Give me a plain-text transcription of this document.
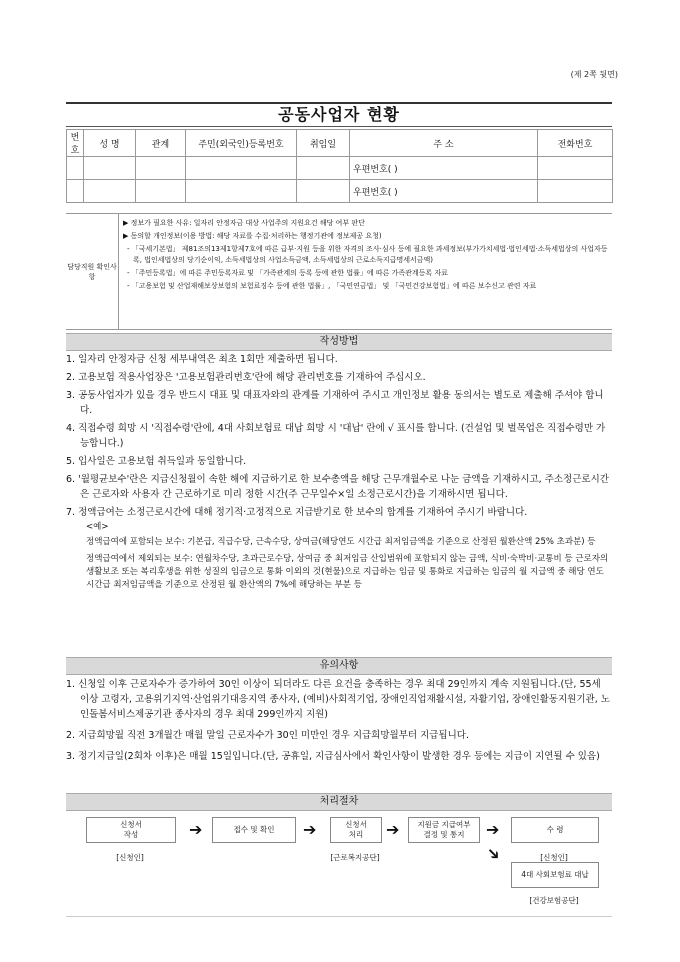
(제 2쪽 뒷면)
공동사업자 현황
번호	성 명	관계	주민(외국인)등록번호	취임일	주 소	전화번호
					우편번호( )	
					우편번호( )	
담당직원 확인사항

▶ 정보가 필요한 사유: 일자리 안정자금 대상 사업주의 지원요건 해당 여부 판단

▶ 동의할 개인정보(이용 방법: 해당 자료를 수집·처리하는 행정기관에 정보제공 요청)

- 「국세기본법」 제81조의13제1항제7호에 따른 급부·지원 등을 위한 자격의 조사·심사 등에 필요한 과세정보(부가가치세법·법인세법·소득세법상의 사업자등록, 법인세법상의 당기순이익, 소득세법상의 사업소득금액, 소득세법상의 근로소득지급명세서금액)

- 「주민등록법」에 따른 주민등록자료 및 「가족관계의 등록 등에 관한 법률」에 따른 가족관계등록 자료

- 「고용보험 및 산업재해보상보험의 보험료징수 등에 관한 법률」, 「국민연금법」 및 「국민건강보험법」에 따른 보수신고 관련 자료

작성방법

1. 일자리 안정자금 신청 세부내역은 최초 1회만 제출하면 됩니다.

2. 고용보험 적용사업장은 '고용보험관리번호'란에 해당 관리번호를 기재하여 주십시오.

3. 공동사업자가 있을 경우 반드시 대표 및 대표자와의 관계를 기재하여 주시고 개인정보 활용 동의서는 별도로 제출해 주셔야 합니다.

4. 직접수령 희망 시 '직접수령'란에, 4대 사회보험료 대납 희망 시 '대납' 란에 √ 표시를 합니다. (건설업 및 벌목업은 직접수령만 가능합니다.)

5. 입사일은 고용보험 취득일과 동일합니다.

6. '월평균보수'란은 지급신청월이 속한 해에 지급하기로 한 보수총액을 해당 근무개월수로 나눈 금액을 기재하시고, 주소정근로시간은 근로자와 사용자 간 근로하기로 미리 정한 시간(주 근무일수×일 소정근로시간)을 기재하시면 됩니다.

7. 정액급여는 소정근로시간에 대해 정기적·고정적으로 지급받기로 한 보수의 합계를 기재하여 주시기 바랍니다.

<예>

정액급여에 포함되는 보수: 기본급, 직급수당, 근속수당, 상여금(해당연도 시간급 최저임금액을 기준으로 산정된 월환산액 25% 초과분) 등

정액급여에서 제외되는 보수: 연월차수당, 초과근로수당, 상여금 중 최저임금 산입범위에 포함되지 않는 금액, 식비·숙박비·교통비 등 근로자의 생활보조 또는 복리후생을 위한 성질의 임금으로 통화 이외의 것(현물)으로 지급하는 임금 및 통화로 지급하는 임금의 월 지급액 중 해당 연도 시간급 최저임금액을 기준으로 산정된 월 환산액의 7%에 해당하는 부분 등

유의사항

1. 신청일 이후 근로자수가 증가하여 30인 이상이 되더라도 다른 요건을 충족하는 경우 최대 29인까지 계속 지원됩니다.(단, 55세 이상 고령자, 고용위기지역·산업위기대응지역 종사자, (예비)사회적기업, 장애인직업재활시설, 자활기업, 장애인활동지원기관, 노인돌봄서비스제공기관 종사자의 경우 최대 299인까지 지원)

2. 지급희망월 직전 3개월간 매월 말일 근로자수가 30인 미만인 경우 지급희망월부터 지급됩니다.

3. 정기지급일(2회차 이후)은 매월 15일입니다.(단, 공휴일, 지급심사에서 확인사항이 발생한 경우 등에는 지급이 지연될 수 있음)

처리절차
신청서
작성	➔	접수 및 확인	➔	신청서
처리	➔	지원금 지급여부
결정 및 통지	➔	수 령
[신청인]	[근로복지공단]	[신청인]
➔
4대 사회보험료 대납
[건강보험공단]
